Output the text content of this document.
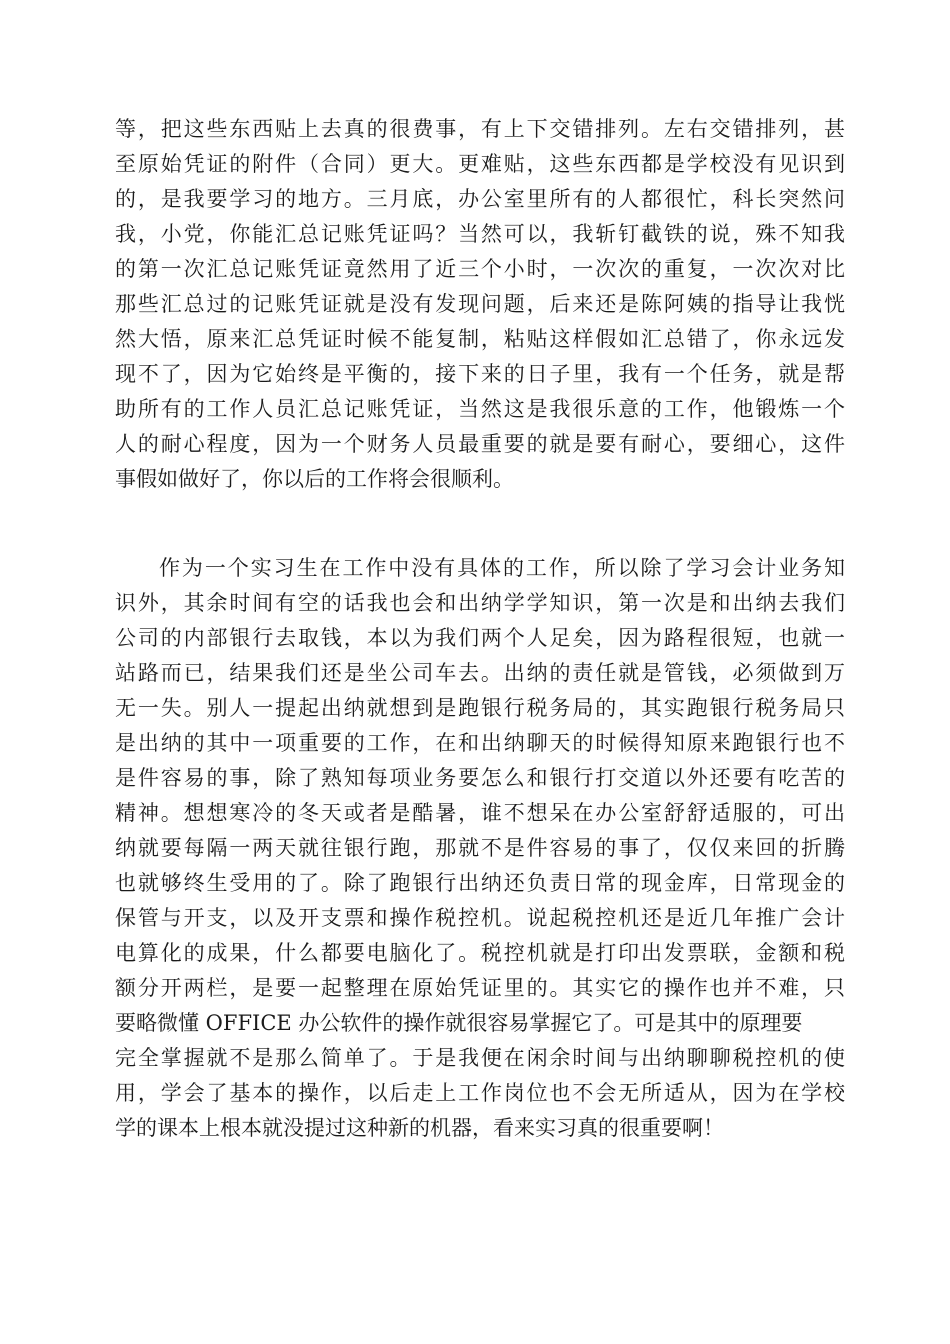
等，把这些东西贴上去真的很费事，有上下交错排列。左右交错排列，甚
至原始凭证的附件（合同）更大。更难贴，这些东西都是学校没有见识到
的，是我要学习的地方。三月底，办公室里所有的人都很忙，科长突然问
我，小党，你能汇总记账凭证吗？当然可以，我斩钉截铁的说，殊不知我
的第一次汇总记账凭证竟然用了近三个小时，一次次的重复，一次次对比
那些汇总过的记账凭证就是没有发现问题，后来还是陈阿姨的指导让我恍
然大悟，原来汇总凭证时候不能复制，粘贴这样假如汇总错了，你永远发
现不了，因为它始终是平衡的，接下来的日子里，我有一个任务，就是帮
助所有的工作人员汇总记账凭证，当然这是我很乐意的工作，他锻炼一个
人的耐心程度，因为一个财务人员最重要的就是要有耐心，要细心，这件
事假如做好了，你以后的工作将会很顺利。
作为一个实习生在工作中没有具体的工作，所以除了学习会计业务知
识外，其余时间有空的话我也会和出纳学学知识，第一次是和出纳去我们
公司的内部银行去取钱，本以为我们两个人足矣，因为路程很短，也就一
站路而已，结果我们还是坐公司车去。出纳的责任就是管钱，必须做到万
无一失。别人一提起出纳就想到是跑银行税务局的，其实跑银行税务局只
是出纳的其中一项重要的工作，在和出纳聊天的时候得知原来跑银行也不
是件容易的事，除了熟知每项业务要怎么和银行打交道以外还要有吃苦的
精神。想想寒冷的冬天或者是酷暑，谁不想呆在办公室舒舒适服的，可出
纳就要每隔一两天就往银行跑，那就不是件容易的事了，仅仅来回的折腾
也就够终生受用的了。除了跑银行出纳还负责日常的现金库，日常现金的
保管与开支，以及开支票和操作税控机。说起税控机还是近几年推广会计
电算化的成果，什么都要电脑化了。税控机就是打印出发票联，金额和税
额分开两栏，是要一起整理在原始凭证里的。其实它的操作也并不难，只
要略微懂 OFFICE 办公软件的操作就很容易掌握它了。可是其中的原理要
完全掌握就不是那么简单了。于是我便在闲余时间与出纳聊聊税控机的使
用，学会了基本的操作，以后走上工作岗位也不会无所适从，因为在学校
学的课本上根本就没提过这种新的机器，看来实习真的很重要啊！
